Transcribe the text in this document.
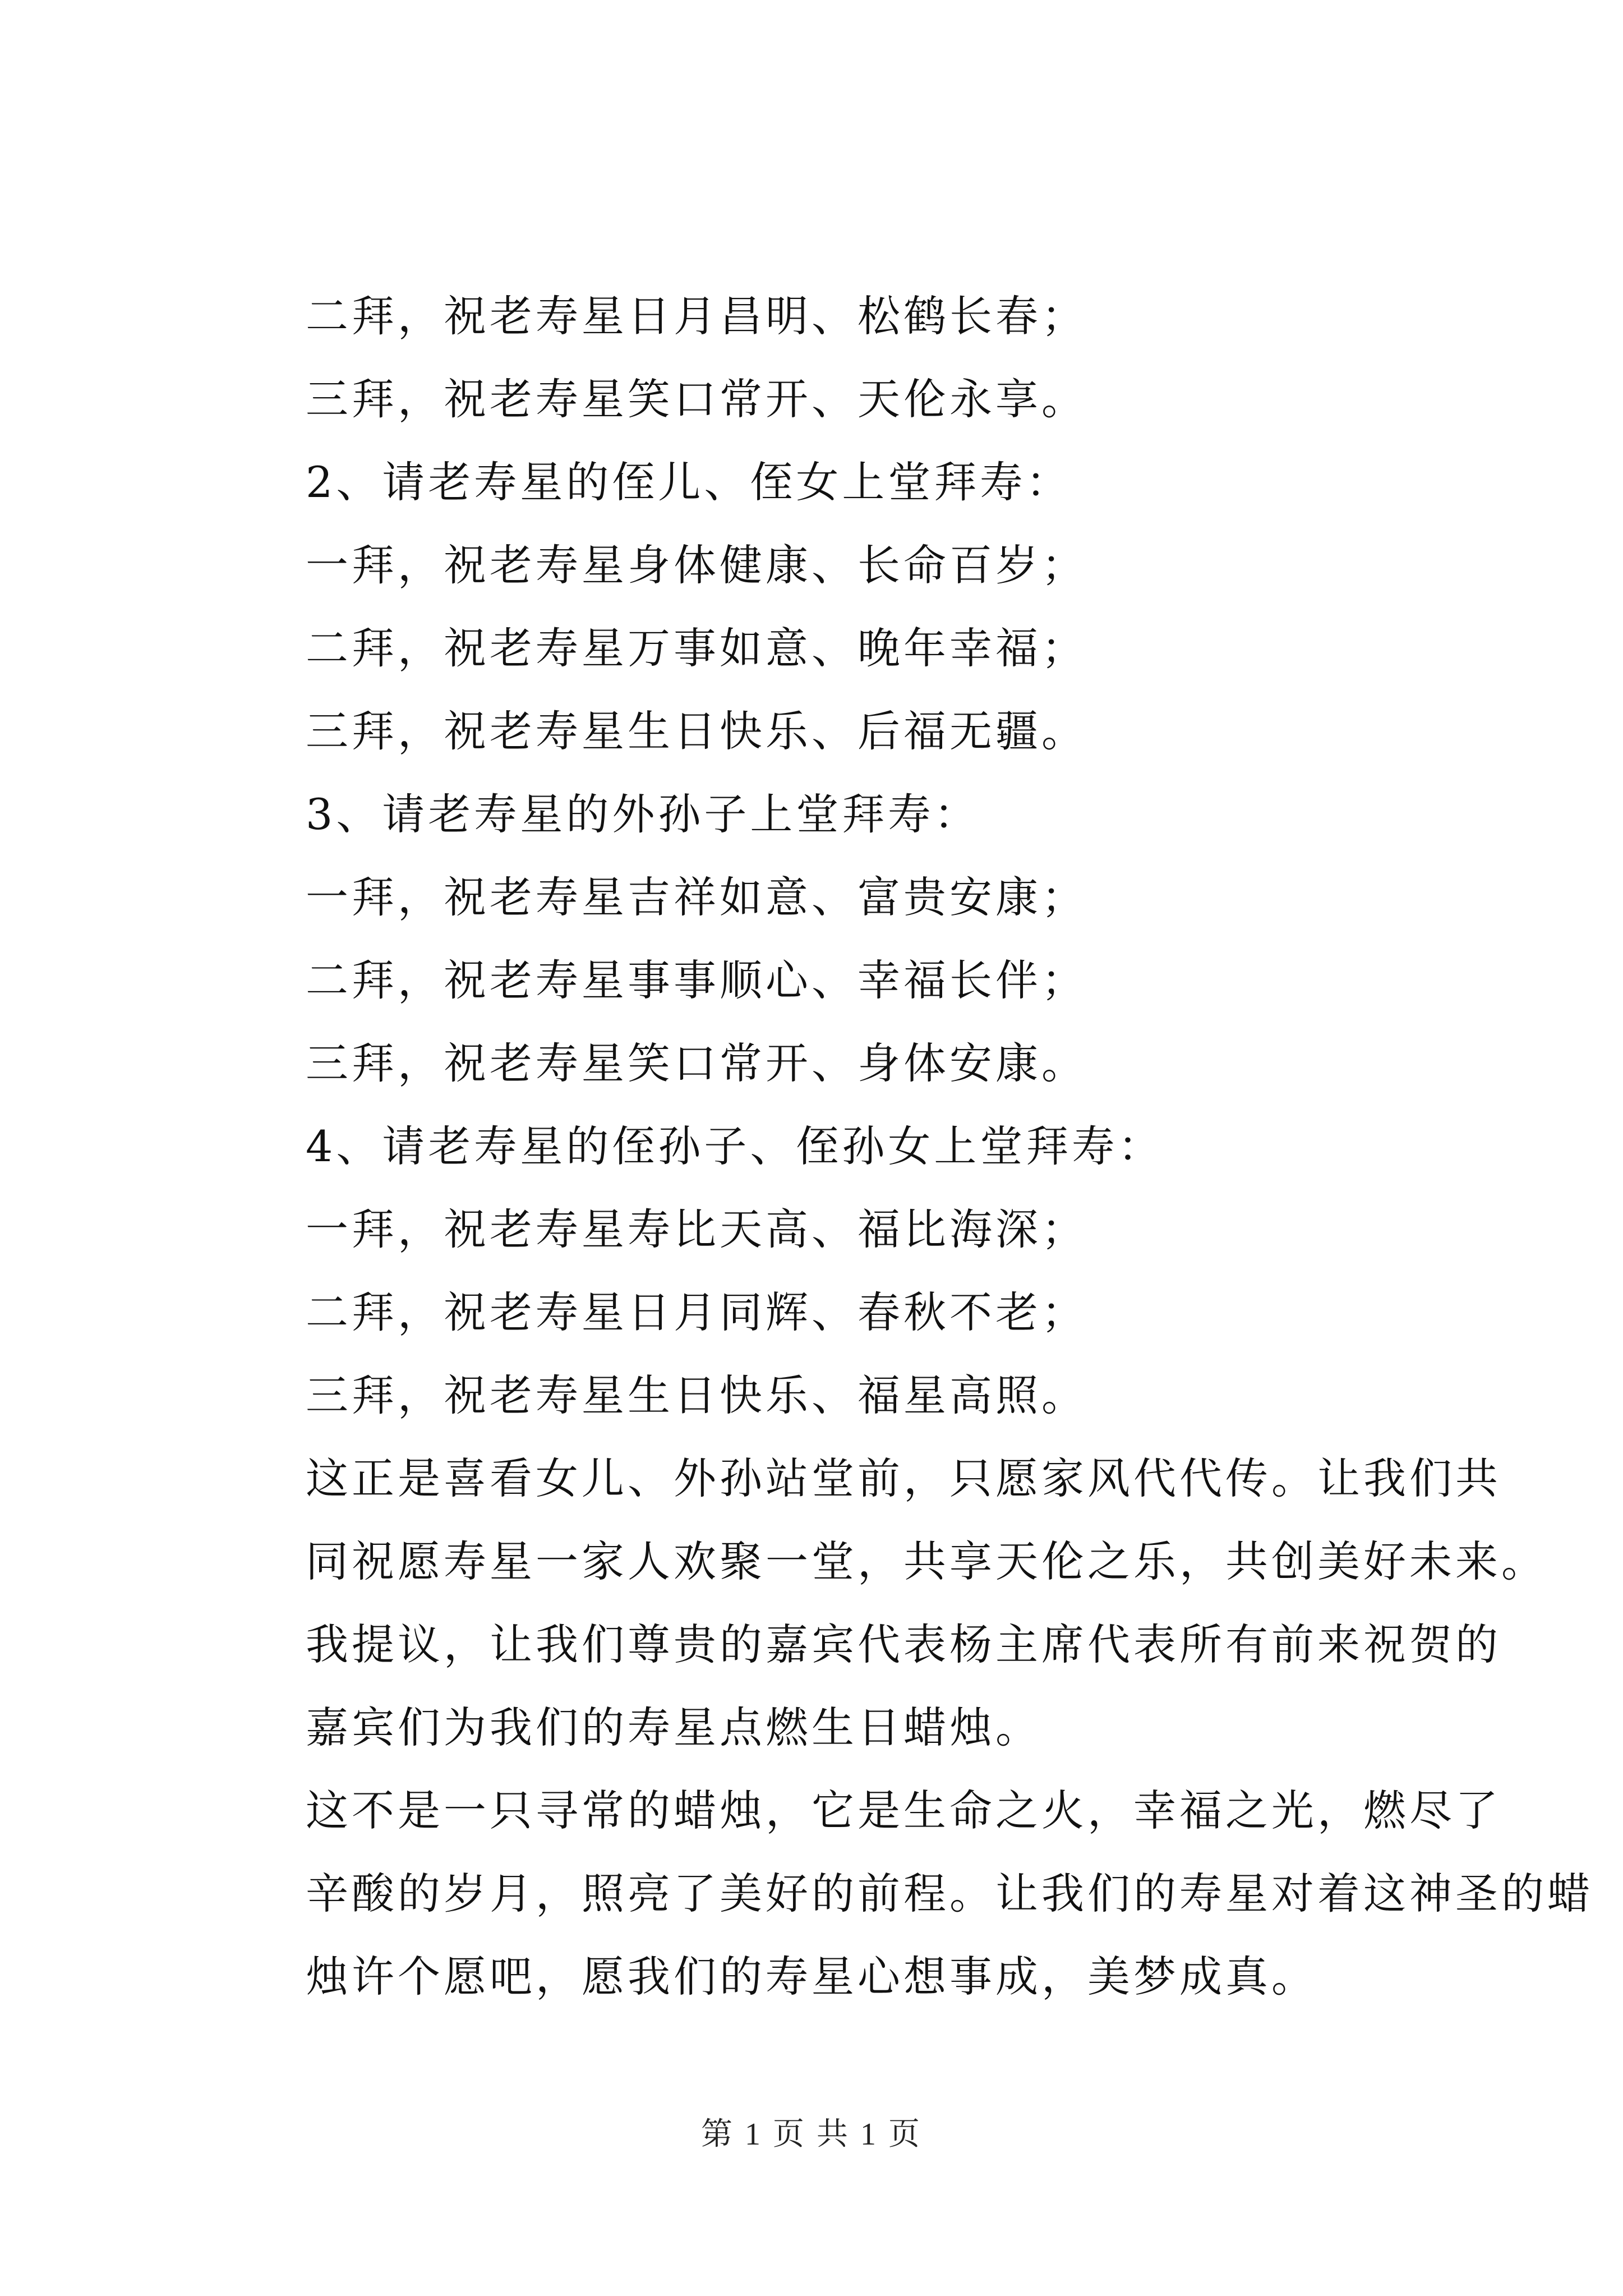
二拜，祝老寿星日月昌明、松鹤长春；
三拜，祝老寿星笑口常开、天伦永享。
2、请老寿星的侄儿、侄女上堂拜寿：
一拜，祝老寿星身体健康、长命百岁；
二拜，祝老寿星万事如意、晚年幸福；
三拜，祝老寿星生日快乐、后福无疆。
3、请老寿星的外孙子上堂拜寿：
一拜，祝老寿星吉祥如意、富贵安康；
二拜，祝老寿星事事顺心、幸福长伴；
三拜，祝老寿星笑口常开、身体安康。
4、请老寿星的侄孙子、侄孙女上堂拜寿：
一拜，祝老寿星寿比天高、福比海深；
二拜，祝老寿星日月同辉、春秋不老；
三拜，祝老寿星生日快乐、福星高照。
这正是喜看女儿、外孙站堂前，只愿家风代代传。让我们共
同祝愿寿星一家人欢聚一堂，共享天伦之乐，共创美好未来。
我提议，让我们尊贵的嘉宾代表杨主席代表所有前来祝贺的
嘉宾们为我们的寿星点燃生日蜡烛。
这不是一只寻常的蜡烛，它是生命之火，幸福之光，燃尽了
辛酸的岁月，照亮了美好的前程。让我们的寿星对着这神圣的蜡
烛许个愿吧，愿我们的寿星心想事成，美梦成真。
第 1 页 共 1 页
